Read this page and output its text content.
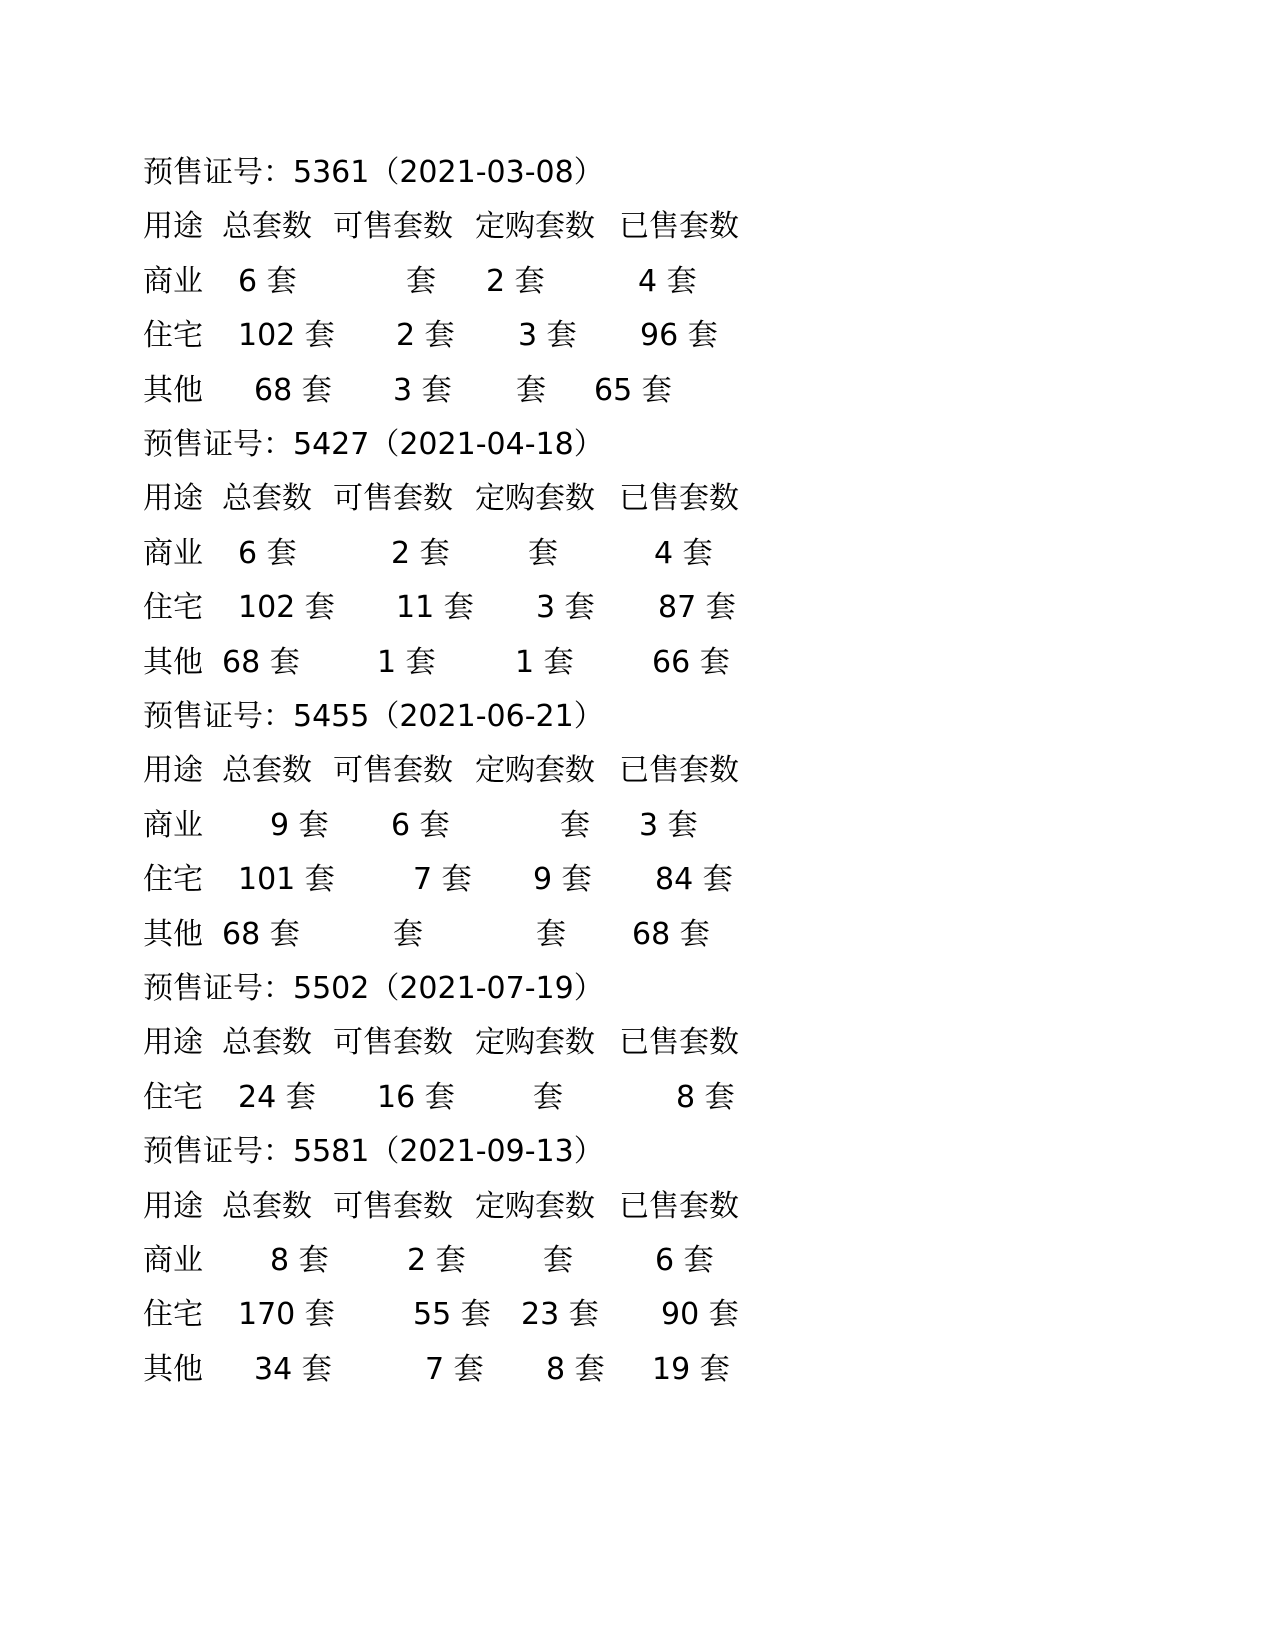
预售证号：5361（2021-03-08）
用途 总套数 可售套数 定购套数 已售套数
商业 6 套	套 2 套	4 套
住宅 102 套 2 套 3 套 96 套
其他 68 套 3 套 套 65 套
预售证号：5427（2021-04-18）
用途 总套数 可售套数 定购套数 已售套数
商业 6 套	2 套	套	4 套
住宅 102 套 11 套 3 套 87 套
其他 68 套	1 套	1 套	66 套
预售证号：5455（2021-06-21）
用途 总套数 可售套数 定购套数 已售套数
商业 9 套 6 套	套 3 套
住宅 101 套	7 套 9 套 84 套
其他 68 套	套	套 68 套
预售证号：5502（2021-07-19）
用途 总套数 可售套数 定购套数 已售套数
住宅 24 套 16 套	套	8 套
预售证号：5581（2021-09-13）
用途 总套数 可售套数 定购套数 已售套数
商业 8 套	2 套	套	6 套
住宅 170 套	55 套 23 套 90 套
其他 34 套	7 套 8 套 19 套
